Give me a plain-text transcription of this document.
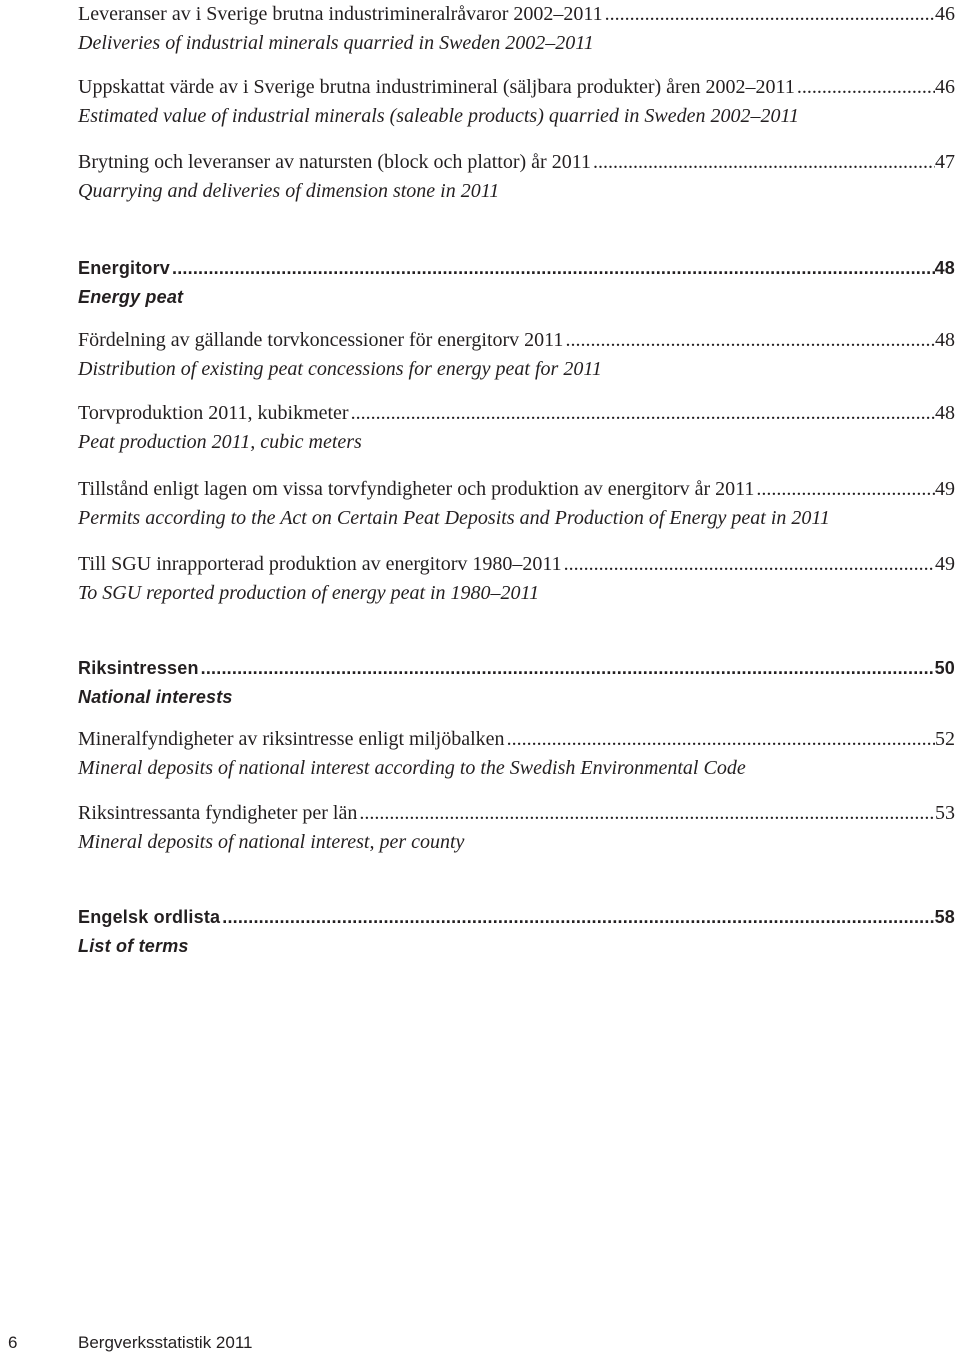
Leveranser av i Sverige brutna industrimineralråvaror 2002–2011 .....	46
Deliveries of industrial minerals quarried in Sweden 2002–2011
Uppskattat värde av i Sverige brutna industrimineral (säljbara produkter) åren 2002–2011 .....	46
Estimated value of industrial minerals (saleable products) quarried in Sweden 2002–2011
Brytning och leveranser av natursten (block och plattor) år 2011 .....	47
Quarrying and deliveries of dimension stone in 2011
Energitorv .....	48
Energy peat
Fördelning av gällande torvkoncessioner för energitorv 2011 .....	48
Distribution of existing peat concessions for energy peat for 2011
Torvproduktion 2011, kubikmeter .....	48
Peat production 2011, cubic meters
Tillstånd enligt lagen om vissa torvfyndigheter och produktion av energitorv år 2011 .....	49
Permits according to the Act on Certain Peat Deposits and Production of Energy peat in 2011
Till SGU inrapporterad produktion av energitorv 1980–2011 .....	49
To SGU reported production of energy peat in 1980–2011
Riksintressen .....	50
National interests
Mineralfyndigheter av riksintresse enligt miljöbalken .....	52
Mineral deposits of national interest according to the Swedish Environmental Code
Riksintressanta fyndigheter per län .....	53
Mineral deposits of national interest, per county
Engelsk ordlista .....	58
List of terms
6	Bergverksstatistik 2011
